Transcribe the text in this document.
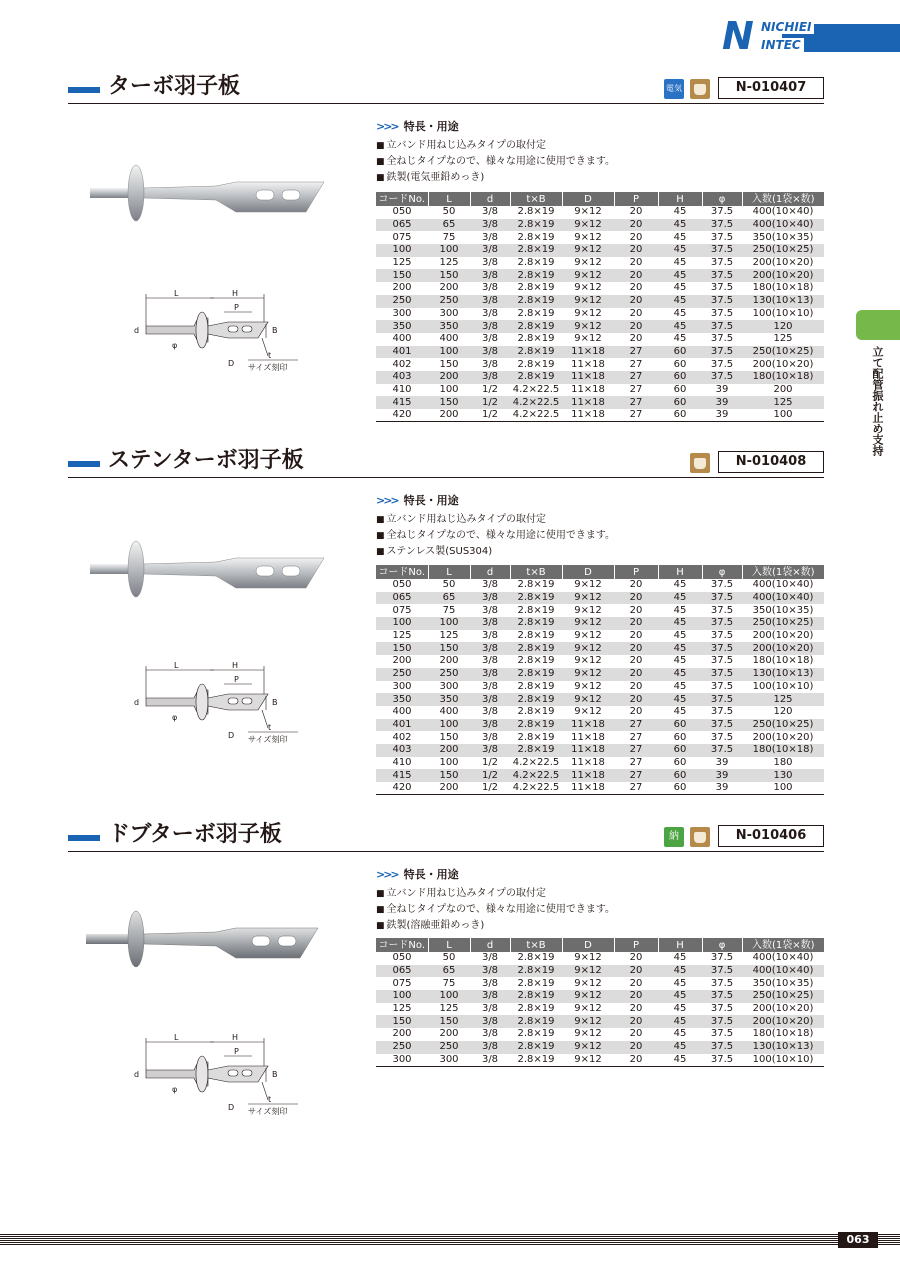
N NICHIEI
INTEC
ターボ羽子板	電気亜鉛
N-010407
L	H
P
d
φ
B
D
t
サイズ刻印
>>> 特長・用途
■ 立バンド用ねじ込みタイプの取付定
■ 全ねじタイプなので、様々な用途に使用できます。
■ 鉄製(電気亜鉛めっき)
コードNo.	L	d	t×B	D	P	H	φ	入数(1袋×数)
050	50	3/8	2.8×19	9×12	20	45	37.5	400(10×40)
065	65	3/8	2.8×19	9×12	20	45	37.5	400(10×40)
075	75	3/8	2.8×19	9×12	20	45	37.5	350(10×35)
100	100	3/8	2.8×19	9×12	20	45	37.5	250(10×25)
125	125	3/8	2.8×19	9×12	20	45	37.5	200(10×20)
150	150	3/8	2.8×19	9×12	20	45	37.5	200(10×20)
200	200	3/8	2.8×19	9×12	20	45	37.5	180(10×18)
250	250	3/8	2.8×19	9×12	20	45	37.5	130(10×13)
300	300	3/8	2.8×19	9×12	20	45	37.5	100(10×10)
350	350	3/8	2.8×19	9×12	20	45	37.5	120
400	400	3/8	2.8×19	9×12	20	45	37.5	125
401	100	3/8	2.8×19	11×18	27	60	37.5	250(10×25)
402	150	3/8	2.8×19	11×18	27	60	37.5	200(10×20)
403	200	3/8	2.8×19	11×18	27	60	37.5	180(10×18)
410	100	1/2	4.2×22.5	11×18	27	60	39	200
415	150	1/2	4.2×22.5	11×18	27	60	39	125
420	200	1/2	4.2×22.5	11×18	27	60	39	100
ステンターボ羽子板	N-010408
L	H
P
d
φ
B
D
t
サイズ刻印
>>> 特長・用途
■ 立バンド用ねじ込みタイプの取付定
■ 全ねじタイプなので、様々な用途に使用できます。
■ ステンレス製(SUS304)
コードNo.	L	d	t×B	D	P	H	φ	入数(1袋×数)
050	50	3/8	2.8×19	9×12	20	45	37.5	400(10×40)
065	65	3/8	2.8×19	9×12	20	45	37.5	400(10×40)
075	75	3/8	2.8×19	9×12	20	45	37.5	350(10×35)
100	100	3/8	2.8×19	9×12	20	45	37.5	250(10×25)
125	125	3/8	2.8×19	9×12	20	45	37.5	200(10×20)
150	150	3/8	2.8×19	9×12	20	45	37.5	200(10×20)
200	200	3/8	2.8×19	9×12	20	45	37.5	180(10×18)
250	250	3/8	2.8×19	9×12	20	45	37.5	130(10×13)
300	300	3/8	2.8×19	9×12	20	45	37.5	100(10×10)
350	350	3/8	2.8×19	9×12	20	45	37.5	125
400	400	3/8	2.8×19	9×12	20	45	37.5	120
401	100	3/8	2.8×19	11×18	27	60	37.5	250(10×25)
402	150	3/8	2.8×19	11×18	27	60	37.5	200(10×20)
403	200	3/8	2.8×19	11×18	27	60	37.5	180(10×18)
410	100	1/2	4.2×22.5	11×18	27	60	39	180
415	150	1/2	4.2×22.5	11×18	27	60	39	130
420	200	1/2	4.2×22.5	11×18	27	60	39	100
ドブターボ羽子板	納	N-010406
L	H
P
d
φ
B
D
t
サイズ刻印
>>> 特長・用途
■ 立バンド用ねじ込みタイプの取付定
■ 全ねじタイプなので、様々な用途に使用できます。
■ 鉄製(溶融亜鉛めっき)
コードNo.	L	d	t×B	D	P	H	φ	入数(1袋×数)
050	50	3/8	2.8×19	9×12	20	45	37.5	400(10×40)
065	65	3/8	2.8×19	9×12	20	45	37.5	400(10×40)
075	75	3/8	2.8×19	9×12	20	45	37.5	350(10×35)
100	100	3/8	2.8×19	9×12	20	45	37.5	250(10×25)
125	125	3/8	2.8×19	9×12	20	45	37.5	200(10×20)
150	150	3/8	2.8×19	9×12	20	45	37.5	200(10×20)
200	200	3/8	2.8×19	9×12	20	45	37.5	180(10×18)
250	250	3/8	2.8×19	9×12	20	45	37.5	130(10×13)
300	300	3/8	2.8×19	9×12	20	45	37.5	100(10×10)
立て配管振れ止め支持
063
